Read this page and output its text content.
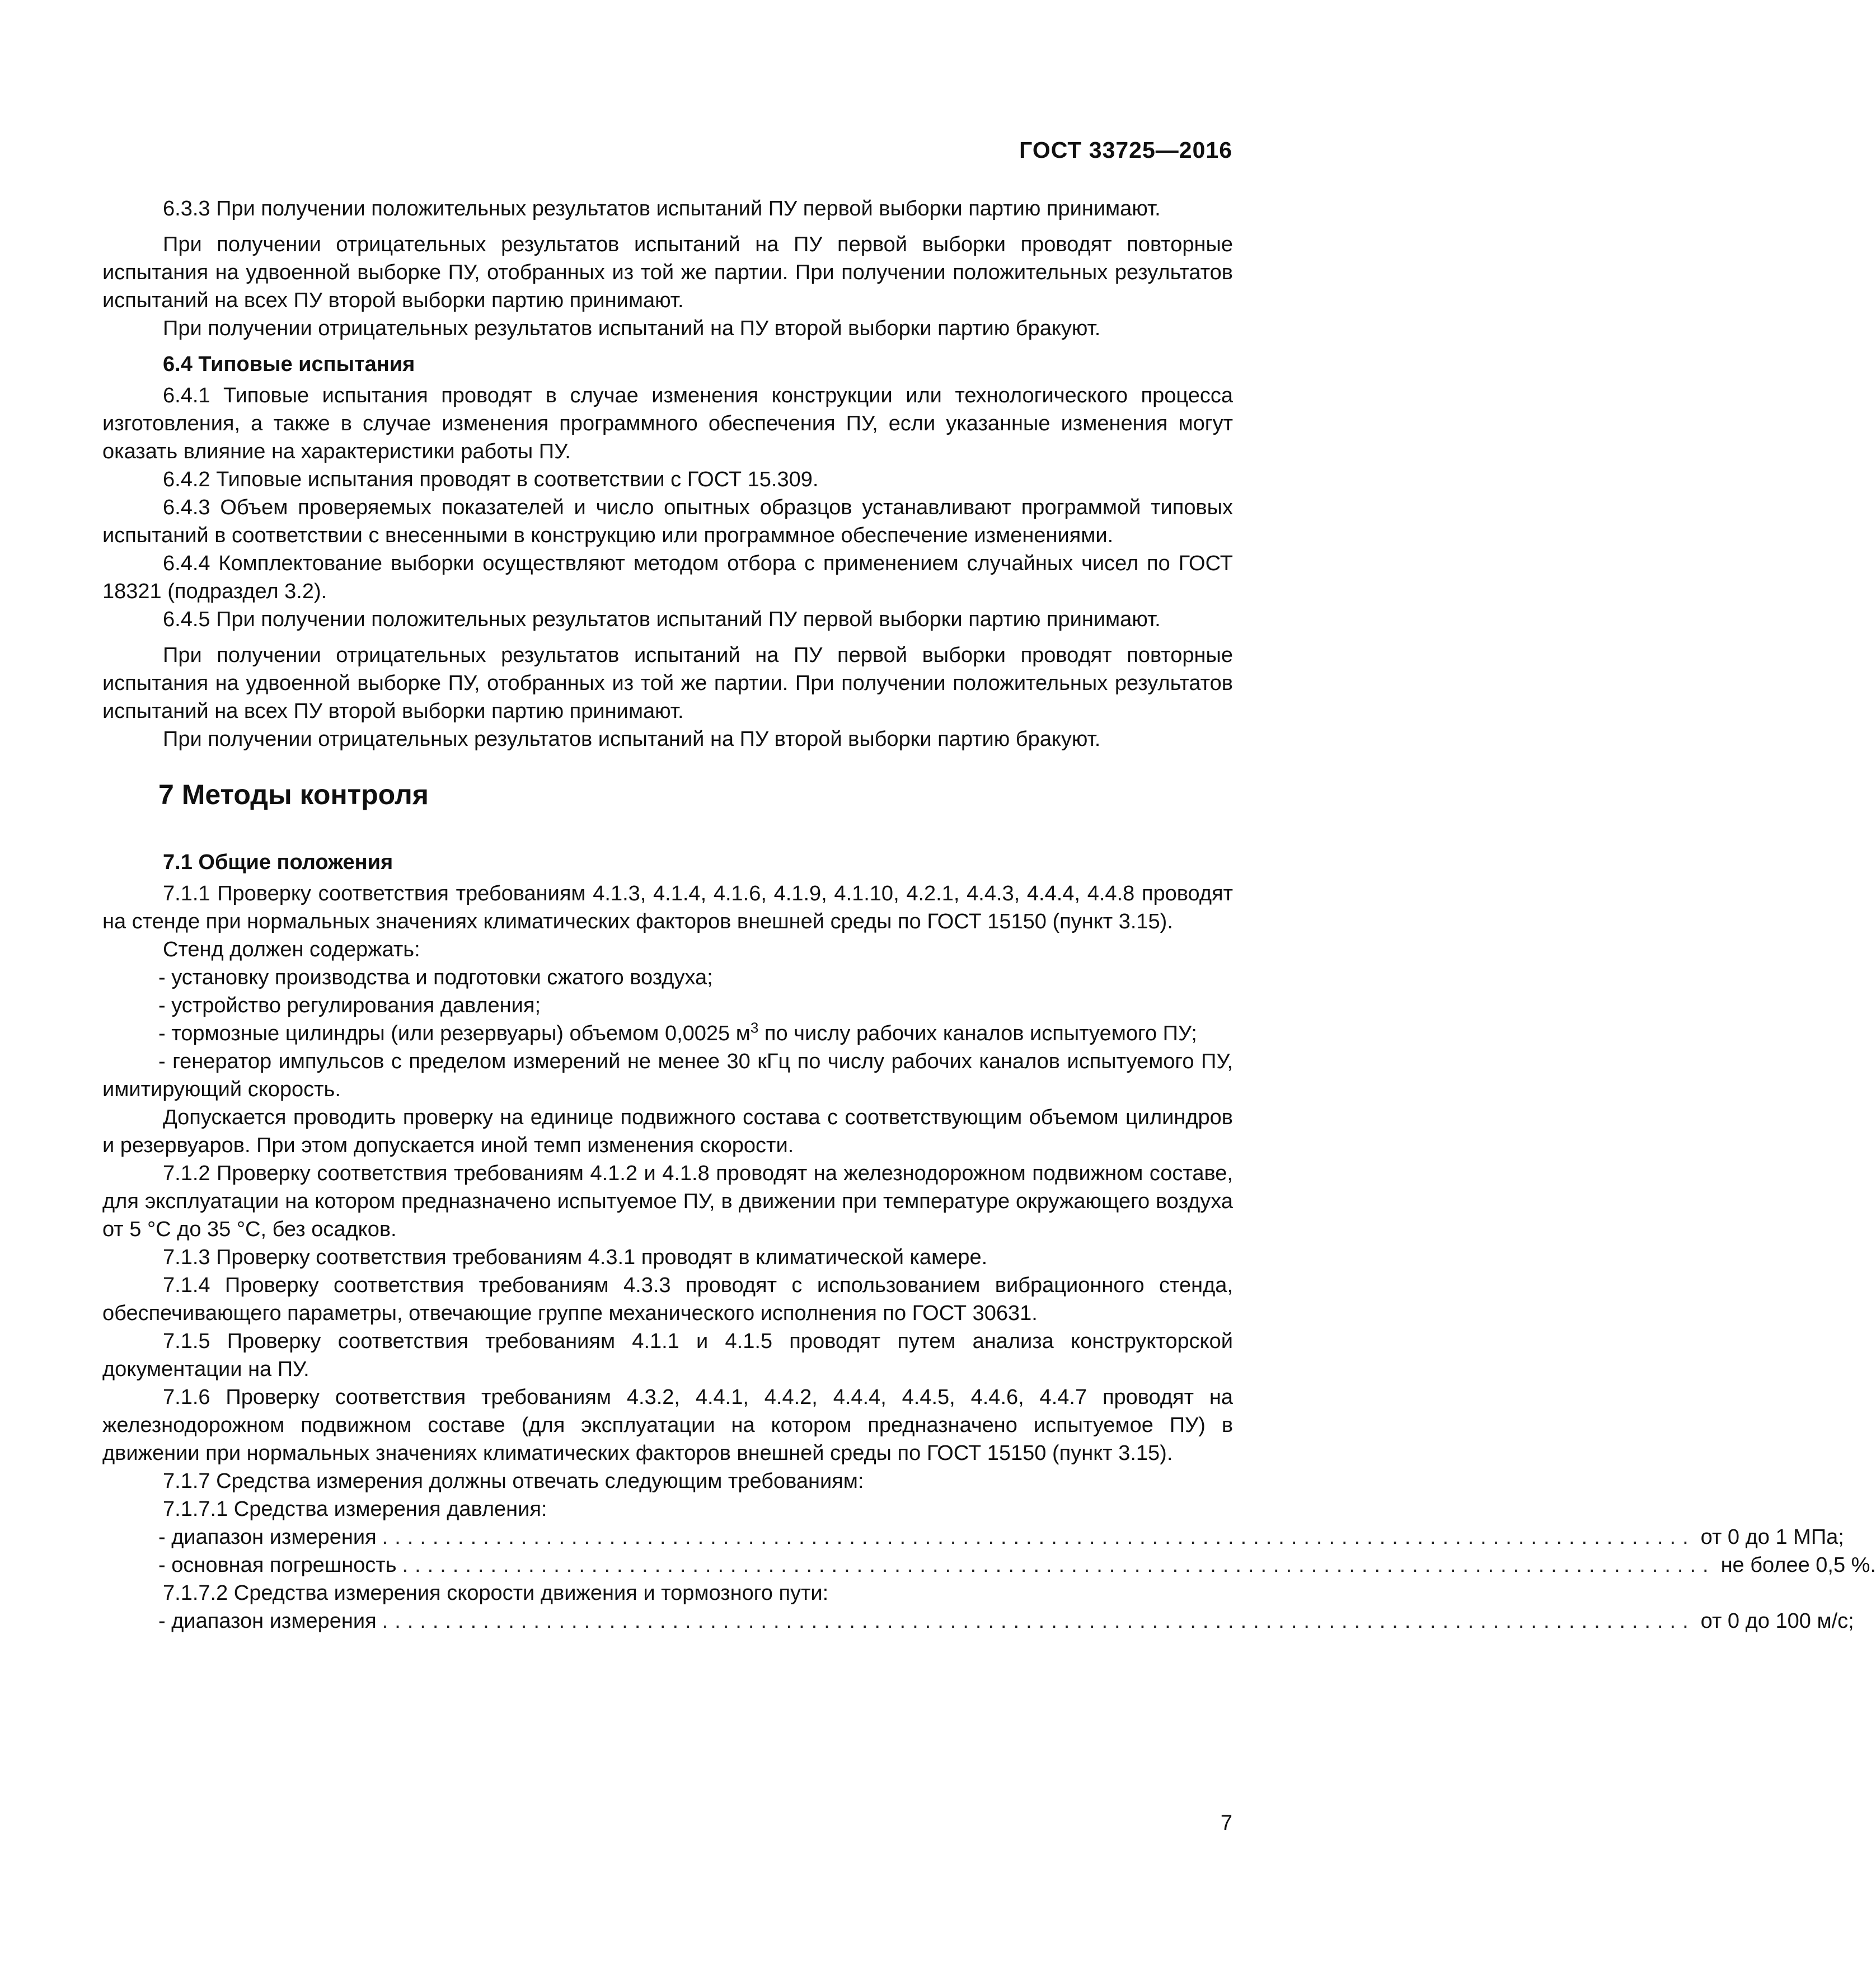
ГОСТ 33725—2016

6.3.3 При получении положительных результатов испытаний ПУ первой выборки партию принимают.

При получении отрицательных результатов испытаний на ПУ первой выборки проводят повторные испытания на удвоенной выборке ПУ, отобранных из той же партии. При получении положительных результатов испытаний на всех ПУ второй выборки партию принимают.

При получении отрицательных результатов испытаний на ПУ второй выборки партию бракуют.

6.4 Типовые испытания

6.4.1 Типовые испытания проводят в случае изменения конструкции или технологического процесса изготовления, а также в случае изменения программного обеспечения ПУ, если указанные изменения могут оказать влияние на характеристики работы ПУ.

6.4.2 Типовые испытания проводят в соответствии с ГОСТ 15.309.

6.4.3 Объем проверяемых показателей и число опытных образцов устанавливают программой типовых испытаний в соответствии с внесенными в конструкцию или программное обеспечение изменениями.

6.4.4 Комплектование выборки осуществляют методом отбора с применением случайных чисел по ГОСТ 18321 (подраздел 3.2).

6.4.5 При получении положительных результатов испытаний ПУ первой выборки партию принимают.

При получении отрицательных результатов испытаний на ПУ первой выборки проводят повторные испытания на удвоенной выборке ПУ, отобранных из той же партии. При получении положительных результатов испытаний на всех ПУ второй выборки партию принимают.

При получении отрицательных результатов испытаний на ПУ второй выборки партию бракуют.

7 Методы контроля
7.1 Общие положения

7.1.1 Проверку соответствия требованиям 4.1.3, 4.1.4, 4.1.6, 4.1.9, 4.1.10, 4.2.1, 4.4.3, 4.4.4, 4.4.8 проводят на стенде при нормальных значениях климатических факторов внешней среды по ГОСТ 15150 (пункт 3.15).

Стенд должен содержать:

- установку производства и подготовки сжатого воздуха;

- устройство регулирования давления;

- тормозные цилиндры (или резервуары) объемом 0,0025 $м^3$ по числу рабочих каналов испытуемого ПУ;

- генератор импульсов с пределом измерений не менее 30 кГц по числу рабочих каналов испытуемого ПУ, имитирующий скорость.

Допускается проводить проверку на единице подвижного состава с соответствующим объемом цилиндров и резервуаров. При этом допускается иной темп изменения скорости.

7.1.2 Проверку соответствия требованиям 4.1.2 и 4.1.8 проводят на железнодорожном подвижном составе, для эксплуатации на котором предназначено испытуемое ПУ, в движении при температуре окружающего воздуха от 5 °С до 35 °С, без осадков.

7.1.3 Проверку соответствия требованиям 4.3.1 проводят в климатической камере.

7.1.4 Проверку соответствия требованиям 4.3.3 проводят с использованием вибрационного стенда, обеспечивающего параметры, отвечающие группе механического исполнения по ГОСТ 30631.

7.1.5 Проверку соответствия требованиям 4.1.1 и 4.1.5 проводят путем анализа конструкторской документации на ПУ.

7.1.6 Проверку соответствия требованиям 4.3.2, 4.4.1, 4.4.2, 4.4.4, 4.4.5, 4.4.6, 4.4.7 проводят на железнодорожном подвижном составе (для эксплуатации на котором предназначено испытуемое ПУ) в движении при нормальных значениях климатических факторов внешней среды по ГОСТ 15150 (пункт 3.15).

7.1.7 Средства измерения должны отвечать следующим требованиям:

7.1.7.1 Средства измерения давления:

- диапазон измерения ........................................................................................................ от 0 до 1 МПа;
- основная погрешность ........................................................................................................ не более 0,5 %.

7.1.7.2 Средства измерения скорости движения и тормозного пути:

- диапазон измерения ........................................................................................................ от 0 до 100 м/с;
7
